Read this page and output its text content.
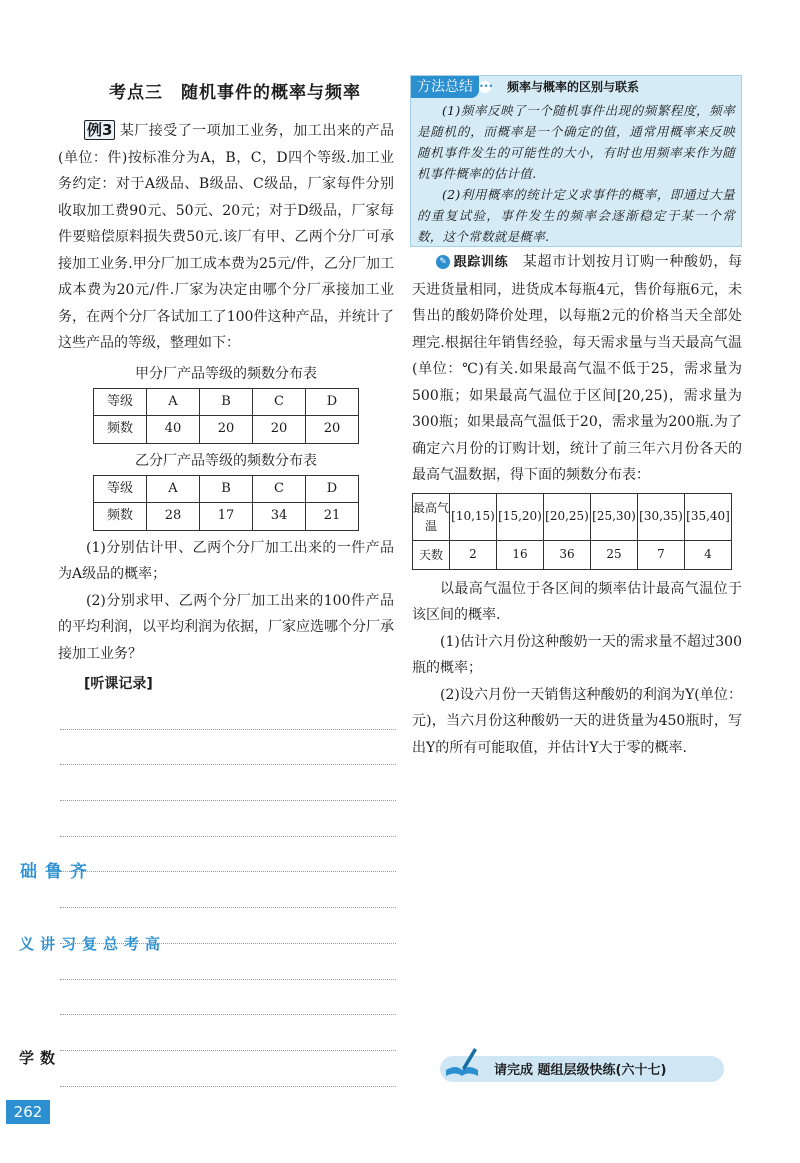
考点三　随机事件的概率与频率

例3 某厂接受了一项加工业务，加工出来的产品(单位：件)按标准分为A，B，C，D四个等级.加工业务约定：对于A级品、B级品、C级品，厂家每件分别收取加工费90元、50元、20元；对于D级品，厂家每件要赔偿原料损失费50元.该厂有甲、乙两个分厂可承接加工业务.甲分厂加工成本费为25元/件，乙分厂加工成本费为20元/件.厂家为决定由哪个分厂承接加工业务，在两个分厂各试加工了100件这种产品，并统计了这些产品的等级，整理如下：

甲分厂产品等级的频数分布表
等级	A	B	C	D
频数	40	20	20	20
乙分厂产品等级的频数分布表
等级	A	B	C	D
频数	28	17	34	21

(1)分别估计甲、乙两个分厂加工出来的一件产品为A级品的概率；

(2)分别求甲、乙两个分厂加工出来的100件产品的平均利润，以平均利润为依据，厂家应选哪个分厂承接加工业务？

[听课记录]
方法总结 ••• 频率与概率的区别与联系

(1)频率反映了一个随机事件出现的频繁程度，频率是随机的，而概率是一个确定的值，通常用概率来反映随机事件发生的可能性的大小，有时也用频率来作为随机事件概率的估计值.

(2)利用概率的统计定义求事件的概率，即通过大量的重复试验，事件发生的频率会逐渐稳定于某一个常数，这个常数就是概率.

✎ 跟踪训练　 某超市计划按月订购一种酸奶，每天进货量相同，进货成本每瓶4元，售价每瓶6元，未售出的酸奶降价处理，以每瓶2元的价格当天全部处理完.根据往年销售经验，每天需求量与当天最高气温(单位：℃)有关.如果最高气温不低于25，需求量为500瓶；如果最高气温位于区间[20,25)，需求量为300瓶；如果最高气温低于20，需求量为200瓶.为了确定六月份的订购计划，统计了前三年六月份各天的最高气温数据，得下面的频数分布表：

最高气温	[10,15)	[15,20)	[20,25)	[25,30)	[30,35)	[35,40]
天数	2	16	36	25	7	4

以最高气温位于各区间的频率估计最高气温位于该区间的概率.

(1)估计六月份这种酸奶一天的需求量不超过300瓶的概率；

(2)设六月份一天销售这种酸奶的利润为Y(单位：元)，当六月份这种酸奶一天的进货量为450瓶时，写出Y的所有可能取值，并估计Y大于零的概率.

请完成 题组层级快练(六十七)
齐鲁础
高考总复习讲义
数学
262
